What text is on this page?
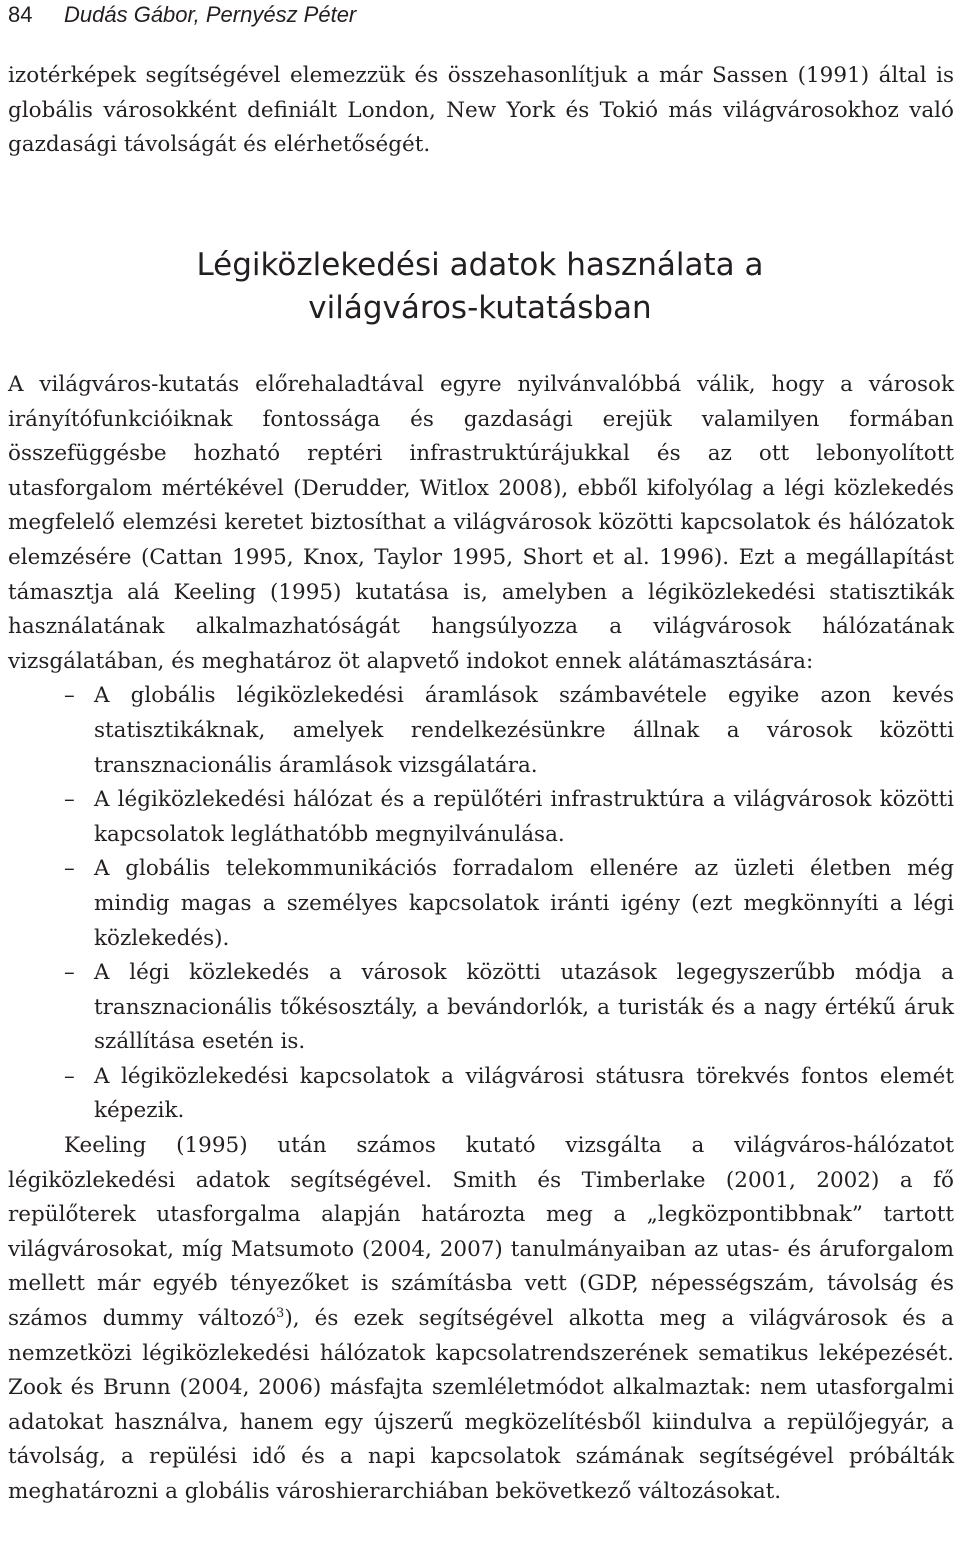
84 Dudás Gábor, Pernyész Péter

izotérképek segítségével elemezzük és összehasonlítjuk a már Sassen (1991) által is globális városokként definiált London, New York és Tokió más világvárosokhoz való gazdasági távolságát és elérhetőségét.

Légiközlekedési adatok használata a
világváros-kutatásban

A világváros-kutatás előrehaladtával egyre nyilvánvalóbbá válik, hogy a városok irányítófunkcióiknak fontossága és gazdasági erejük valamilyen formában összefüggésbe hozható reptéri infrastruktúrájukkal és az ott lebonyolított utasforgalom mértékével (Derudder, Witlox 2008), ebből kifolyólag a légi közlekedés megfelelő elemzési keretet biztosíthat a világvárosok közötti kapcsolatok és hálózatok elemzésére (Cattan 1995, Knox, Taylor 1995, Short et al. 1996). Ezt a megállapítást támasztja alá Keeling (1995) kutatása is, amelyben a légiközlekedési statisztikák használatának alkalmazhatóságát hangsúlyozza a világvárosok hálózatának vizsgálatában, és meghatároz öt alapvető indokot ennek alátámasztására:

– A globális légiközlekedési áramlások számbavétele egyike azon kevés statisztikáknak, amelyek rendelkezésünkre állnak a városok közötti transznacionális áramlások vizsgálatára.
– A légiközlekedési hálózat és a repülőtéri infrastruktúra a világvárosok közötti kapcsolatok legláthatóbb megnyilvánulása.
– A globális telekommunikációs forradalom ellenére az üzleti életben még mindig magas a személyes kapcsolatok iránti igény (ezt megkönnyíti a légi közlekedés).
– A légi közlekedés a városok közötti utazások legegyszerűbb módja a transznacionális tőkésosztály, a bevándorlók, a turisták és a nagy értékű áruk szállítása esetén is.
– A légiközlekedési kapcsolatok a világvárosi státusra törekvés fontos elemét képezik.

Keeling (1995) után számos kutató vizsgálta a világváros-hálózatot légiközlekedési adatok segítségével. Smith és Timberlake (2001, 2002) a fő repülőterek utasforgalma alapján határozta meg a „legközpontibbnak” tartott világvárosokat, míg Matsumoto (2004, 2007) tanulmányaiban az utas- és áruforgalom mellett már egyéb tényezőket is számításba vett (GDP, népességszám, távolság és számos dummy változó$^3$), és ezek segítségével alkotta meg a világvárosok és a nemzetközi légiközlekedési hálózatok kapcsolatrendszerének sematikus leképezését. Zook és Brunn (2004, 2006) másfajta szemléletmódot alkalmaztak: nem utasforgalmi adatokat használva, hanem egy újszerű megközelítésből kiindulva a repülőjegyár, a távolság, a repülési idő és a napi kapcsolatok számának segítségével próbálták meghatározni a globális városhierarchiában bekövetkező változásokat.
